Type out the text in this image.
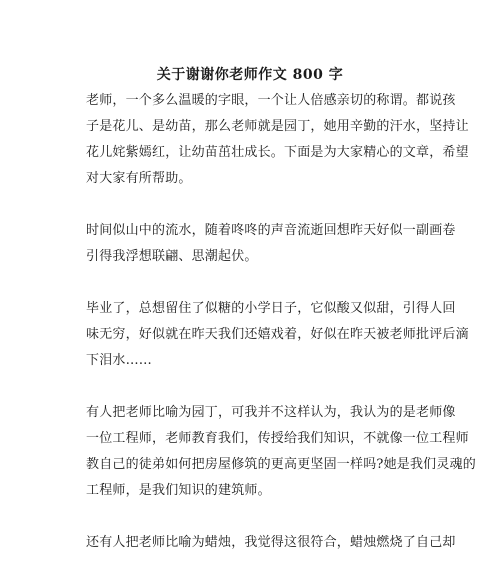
关于谢谢你老师作文 800 字
老师，一个多么温暖的字眼，一个让人倍感亲切的称谓。都说孩
子是花儿、是幼苗，那么老师就是园丁，她用辛勤的汗水，坚持让
花儿姹紫嫣红，让幼苗茁壮成长。下面是为大家精心的文章，希望
对大家有所帮助。
时间似山中的流水，随着咚咚的声音流逝回想昨天好似一副画卷
引得我浮想联翩、思潮起伏。
毕业了，总想留住了似糖的小学日子，它似酸又似甜，引得人回
味无穷，好似就在昨天我们还嬉戏着，好似在昨天被老师批评后滴
下泪水……
有人把老师比喻为园丁，可我并不这样认为，我认为的是老师像
一位工程师，老师教育我们，传授给我们知识，不就像一位工程师
教自己的徒弟如何把房屋修筑的更高更坚固一样吗?她是我们灵魂的
工程师，是我们知识的建筑师。
还有人把老师比喻为蜡烛，我觉得这很符合，蜡烛燃烧了自己却
